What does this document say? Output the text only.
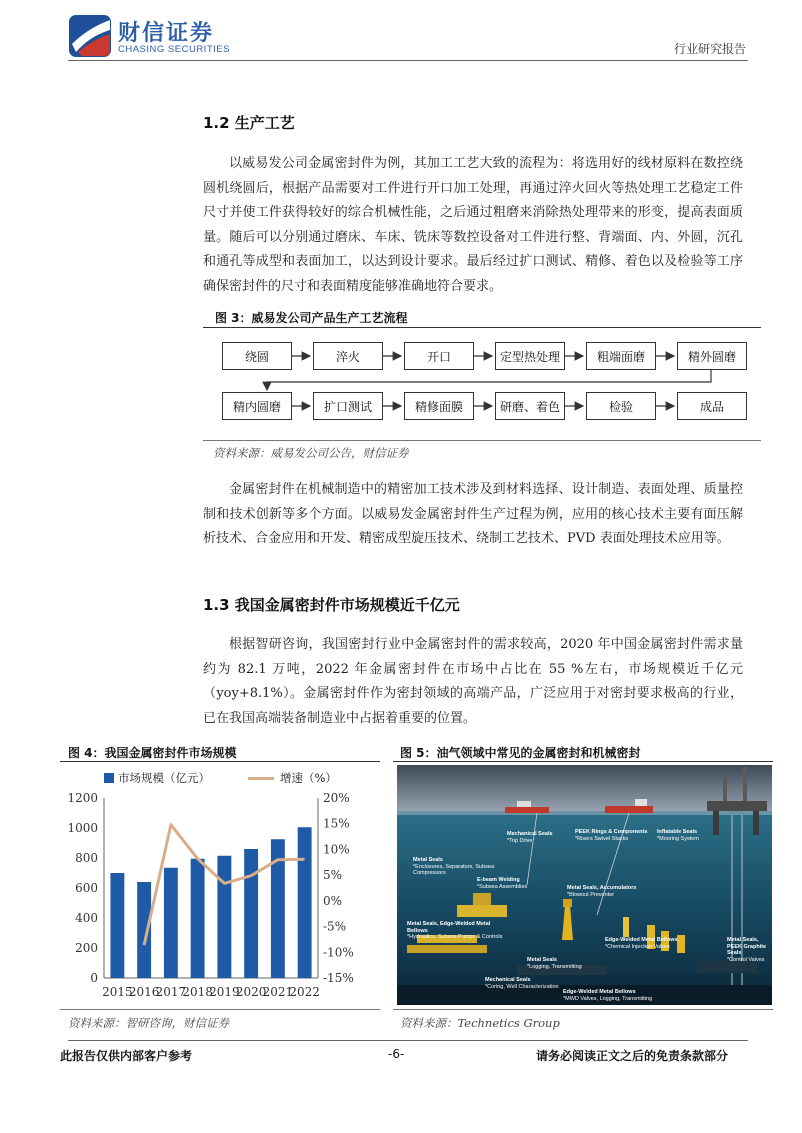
财信证券
CHASING SECURITIES	行业研究报告
1.2 生产工艺
以威易发公司金属密封件为例，其加工工艺大致的流程为：将选用好的线材原料在数控绕圆机绕圆后，根据产品需要对工件进行开口加工处理，再通过淬火回火等热处理工艺稳定工件尺寸并使工件获得较好的综合机械性能，之后通过粗磨来消除热处理带来的形变，提高表面质量。随后可以分别通过磨床、车床、铣床等数控设备对工件进行整、背端面、内、外圆，沉孔和通孔等成型和表面加工，以达到设计要求。最后经过扩口测试、精修、着色以及检验等工序确保密封件的尺寸和表面精度能够准确地符合要求。
图 3：威易发公司产品生产工艺流程
绕圆	淬火	开口	定型热处理	粗端面磨	精外圆磨
精内圆磨	扩口测试	精修面膜	研磨、着色	检验	成品
资料来源：威易发公司公告，财信证券
金属密封件在机械制造中的精密加工技术涉及到材料选择、设计制造、表面处理、质量控制和技术创新等多个方面。以威易发金属密封件生产过程为例，应用的核心技术主要有面压解析技术、合金应用和开发、精密成型旋压技术、绕制工艺技术、PVD 表面处理技术应用等。
1.3 我国金属密封件市场规模近千亿元
根据智研咨询，我国密封行业中金属密封件的需求较高，2020 年中国金属密封件需求量约为 82.1 万吨，2022 年金属密封件在市场中占比在 55 %左右，市场规模近千亿元（yoy+8.1%）。金属密封件作为密封领域的高端产品，广泛应用于对密封要求极高的行业，已在我国高端装备制造业中占据着重要的位置。
图 4：我国金属密封件市场规模
市场规模（亿元）	增速（%）
0
200
400
600
800
1000
1200
-15%
-10%
-5%
0%
5%
10%
15%
20%
2015
2016
2017
2018
2019
2020
2021
2022
资料来源：智研咨询，财信证券
图 5：油气领域中常见的金属密封和机械密封
Mechanical Seals
*Top Drive
PEEK Rings & Components
*Risers Swivel Stacks
Inflatable Seals
*Mooring System
Metal Seals
*Enclosures, Separators, Subsea Compressors
E-beam Welding
*Subsea Assemblies	Metal Seals, Accumulators
*Blowout Preventer
Metal Seals, Edge-Welded Metal Bellows
*Hydraulics, Subsea Pumps & Controls	Edge-Welded Metal Bellows
*Chemical Injection Valves
Metal Seals, PEEK Graphite Seals
*Control Valves
Metal Seals
*Logging, Transmitting
Mechanical Seals
*Coring, Well Characterization
Edge-Welded Metal Bellows
*MWD Valves, Logging, Transmitting
资料来源：Technetics Group
此报告仅供内部客户参考	-6-	请务必阅读正文之后的免责条款部分
